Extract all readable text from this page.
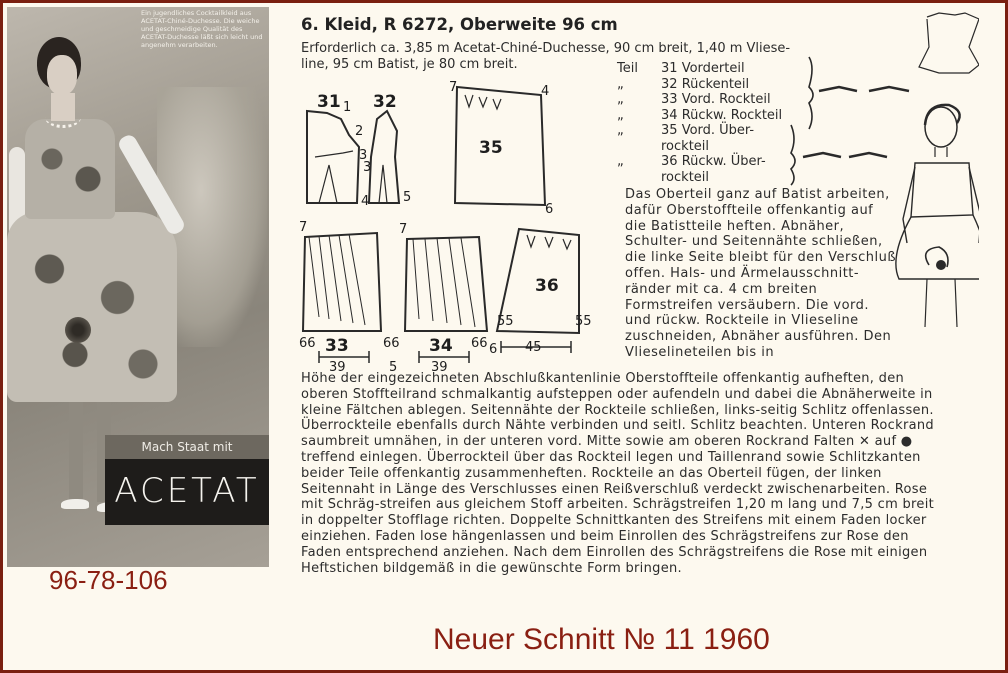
Ein jugendliches Cocktailkleid aus ACETAT-Chiné-Duchesse. Die weiche und geschmeidige Qualität des ACETAT-Duchesse läßt sich leicht und angenehm verarbeiten.
Mach Staat mit
ACETAT
96-78-106
Neuer Schnitt № 11 1960
6. Kleid, R 6272, Oberweite 96 cm
Erforderlich ca. 3,85 m Acetat-Chiné-Duchesse, 90 cm breit, 1,40 m Vliese-
line, 95 cm Batist, je 80 cm breit.	Teil	31 Vorderteil
„	32 Rückenteil
„	33 Vord. Rockteil
„	34 Rückw. Rockteil
„	35 Vord. Über-
rockteil
„	36 Rückw. Über-
rockteil
Das Oberteil ganz auf Batist arbeiten, dafür Oberstoffteile offenkantig auf die Batistteile heften. Abnäher, Schulter- und Seitennähte schließen, die linke Seite bleibt für den Verschluß offen. Hals- und Ärmelausschnitt-ränder mit ca. 4 cm breiten Formstreifen versäubern. Die vord. und rückw. Rockteile in Vlieseline zuschneiden, Abnäher ausführen. Den Vlieselineteilen bis in
Höhe der eingezeichneten Abschlußkantenlinie Oberstoffteile offenkantig aufheften, den oberen Stoffteilrand schmalkantig aufsteppen oder aufendeln und dabei die Abnäherweite in kleine Fältchen ablegen. Seitennähte der Rockteile schließen, links-seitig Schlitz offenlassen. Überrockteile ebenfalls durch Nähte verbinden und seitl. Schlitz beachten. Unteren Rockrand saumbreit umnähen, in der unteren vord. Mitte sowie am oberen Rockrand Falten ✕ auf ● treffend einlegen. Überrockteil über das Rockteil legen und Taillenrand sowie Schlitzkanten beider Teile offenkantig zusammenheften. Rockteile an das Oberteil fügen, der linken Seitennaht in Länge des Verschlusses einen Reißverschluß verdeckt zwischenarbeiten. Rose mit Schräg-streifen aus gleichem Stoff arbeiten. Schrägstreifen 1,20 m lang und 7,5 cm breit in doppelter Stofflage richten. Doppelte Schnittkanten des Streifens mit einem Faden locker einziehen. Faden lose hängenlassen und beim Einrollen des Schrägstreifens zur Rose den Faden entsprechend anziehen. Nach dem Einrollen des Schrägstreifens die Rose mit einigen Heftstichen bildgemäß in die gewünschte Form bringen.
31 32
35
36
33	34
1
2
3
3
4
4	5
6
6
7
7	7
66	66	66
55	55
39	39
45
5
